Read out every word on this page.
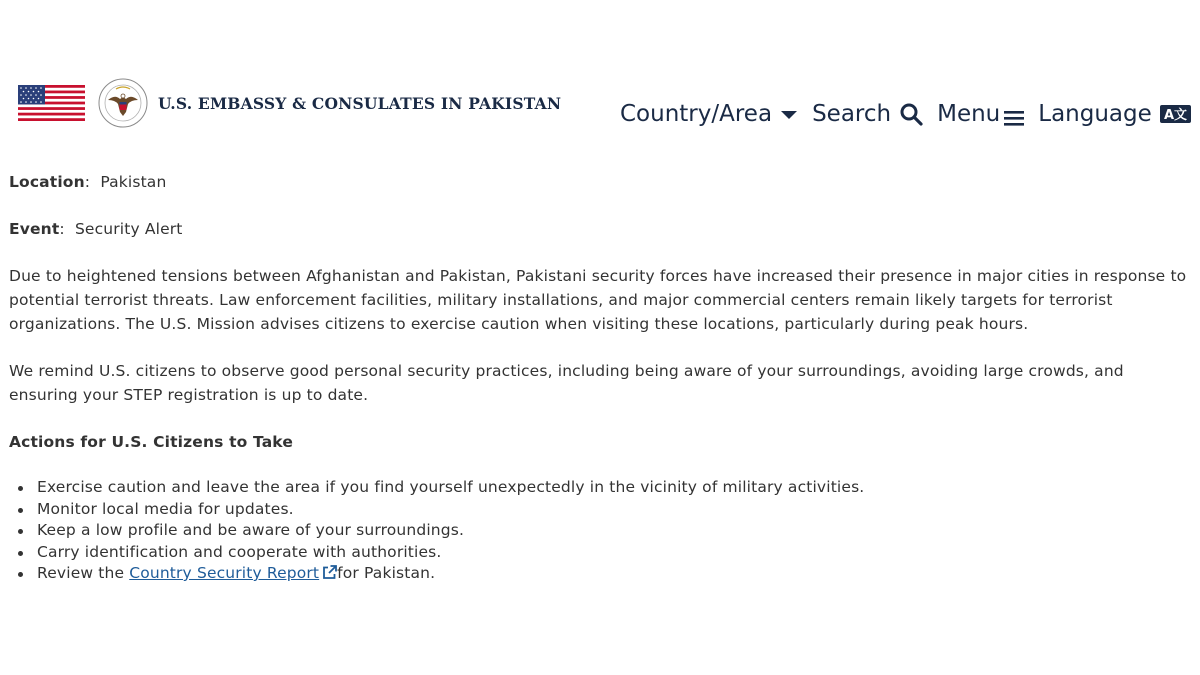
U.S. EMBASSY & CONSULATES IN PAKISTAN	Country/Area Search Menu Language A文

Location:  Pakistan

Event:  Security Alert

Due to heightened tensions between Afghanistan and Pakistan, Pakistani security forces have increased their presence in major cities in response to potential terrorist threats. Law enforcement facilities, military installations, and major commercial centers remain likely targets for terrorist organizations. The U.S. Mission advises citizens to exercise caution when visiting these locations, particularly during peak hours.

We remind U.S. citizens to observe good personal security practices, including being aware of your surroundings, avoiding large crowds, and ensuring your STEP registration is up to date.

Actions for U.S. Citizens to Take

Exercise caution and leave the area if you find yourself unexpectedly in the vicinity of military activities.
Monitor local media for updates.
Keep a low profile and be aware of your surroundings.
Carry identification and cooperate with authorities.
Review the Country Security Report for Pakistan.
